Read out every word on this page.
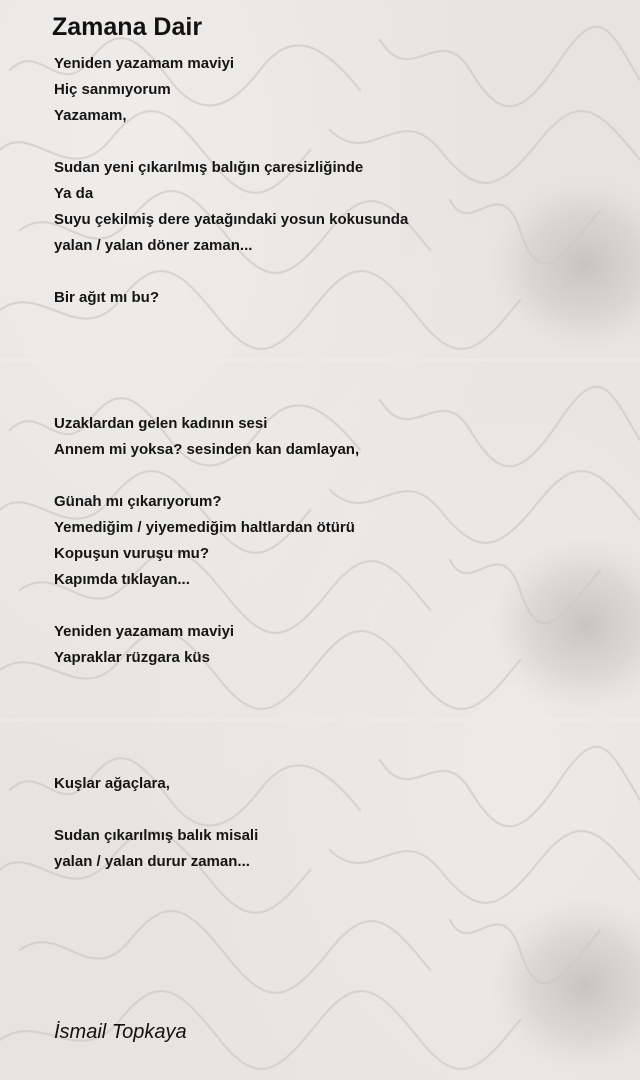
Zamana Dair
Yeniden yazamam maviyi
Hiç sanmıyorum
Yazamam,
Sudan yeni çıkarılmış balığın çaresizliğinde
Ya da
Suyu çekilmiş dere yatağındaki yosun kokusunda
yalan / yalan döner zaman...
Bir ağıt mı bu?
Uzaklardan gelen kadının sesi
Annem mi yoksa? sesinden kan damlayan,
Günah mı çıkarıyorum?
Yemediğim / yiyemediğim haltlardan ötürü
Kopuşun vuruşu mu?
Kapımda tıklayan...
Yeniden yazamam maviyi
Yapraklar rüzgara küs
Kuşlar ağaçlara,
Sudan çıkarılmış balık misali
yalan / yalan durur zaman...
İsmail Topkaya
